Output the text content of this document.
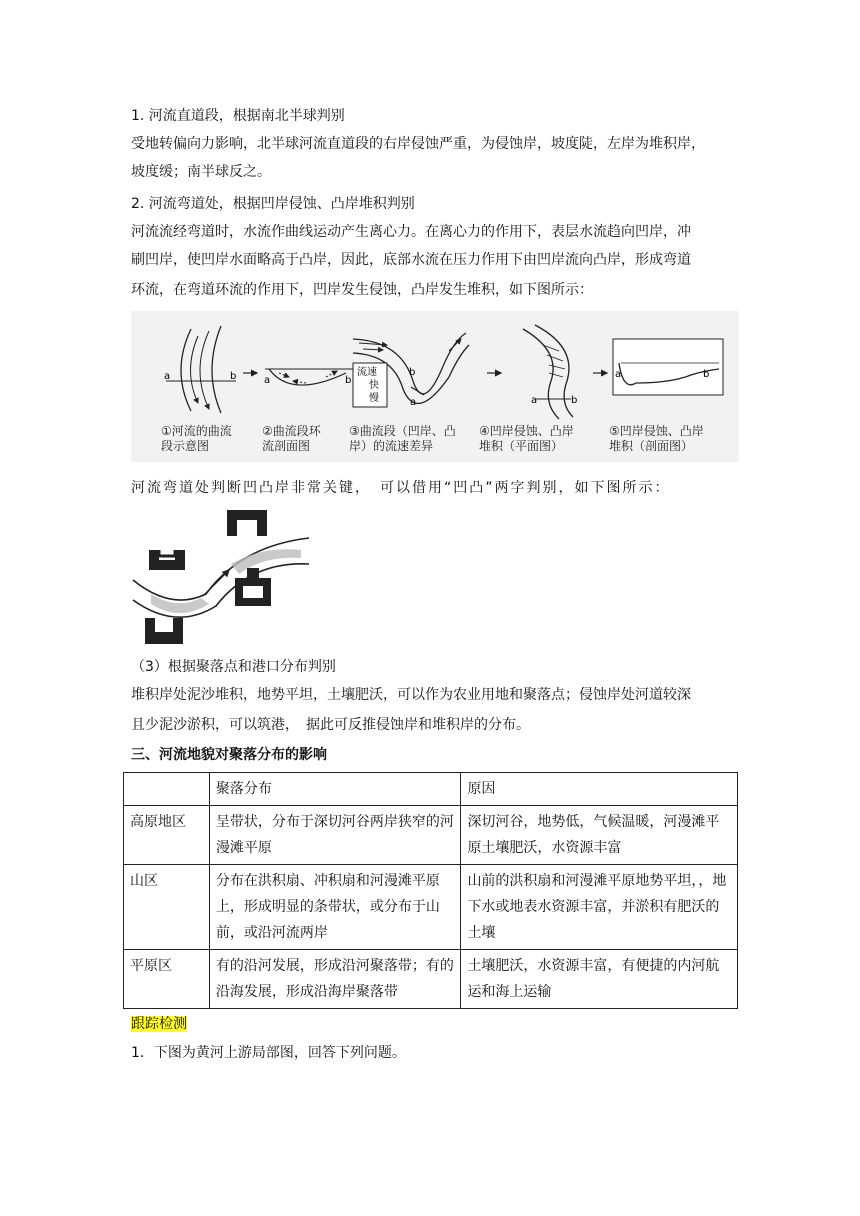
1. 河流直道段，根据南北半球判别
受地转偏向力影响，北半球河流直道段的右岸侵蚀严重，为侵蚀岸，坡度陡，左岸为堆积岸，
坡度缓；南半球反之。
2. 河流弯道处，根据凹岸侵蚀、凸岸堆积判别
河流流经弯道时，水流作曲线运动产生离心力。在离心力的作用下，表层水流趋向凹岸，冲
刷凹岸，使凹岸水面略高于凸岸，因此，底部水流在压力作用下由凹岸流向凸岸，形成弯道
环流，在弯道环流的作用下，凹岸发生侵蚀，凸岸发生堆积，如下图所示：
a	b	a	b
a
b
流速
快
慢	a	b
a	b
①河流的曲流
段示意图
②曲流段环
流剖面图
③曲流段（凹岸、凸
岸）的流速差异
④凹岸侵蚀、凸岸
堆积（平面图）
⑤凹岸侵蚀、凸岸
堆积（剖面图）
河流弯道处判断凹凸岸非常关键，　可以借用“凹凸”两字判别，如下图所示：
（3）根据聚落点和港口分布判别
堆积岸处泥沙堆积，地势平坦，土壤肥沃，可以作为农业用地和聚落点；侵蚀岸处河道较深
且少泥沙淤积，可以筑港，　据此可反推侵蚀岸和堆积岸的分布。
三、河流地貌对聚落分布的影响
	聚落分布	原因
高原地区	呈带状，分布于深切河谷两岸狭窄的河漫滩平原	深切河谷，地势低，气候温暖，河漫滩平原土壤肥沃，水资源丰富
山区	分布在洪积扇、冲积扇和河漫滩平原上，形成明显的条带状，或分布于山前，或沿河流两岸	山前的洪积扇和河漫滩平原地势平坦，，地下水或地表水资源丰富，并淤积有肥沃的土壤
平原区	有的沿河发展，形成沿河聚落带；有的沿海发展，形成沿海岸聚落带	土壤肥沃，水资源丰富，有便捷的内河航运和海上运输
跟踪检测
1．下图为黄河上游局部图，回答下列问题。
